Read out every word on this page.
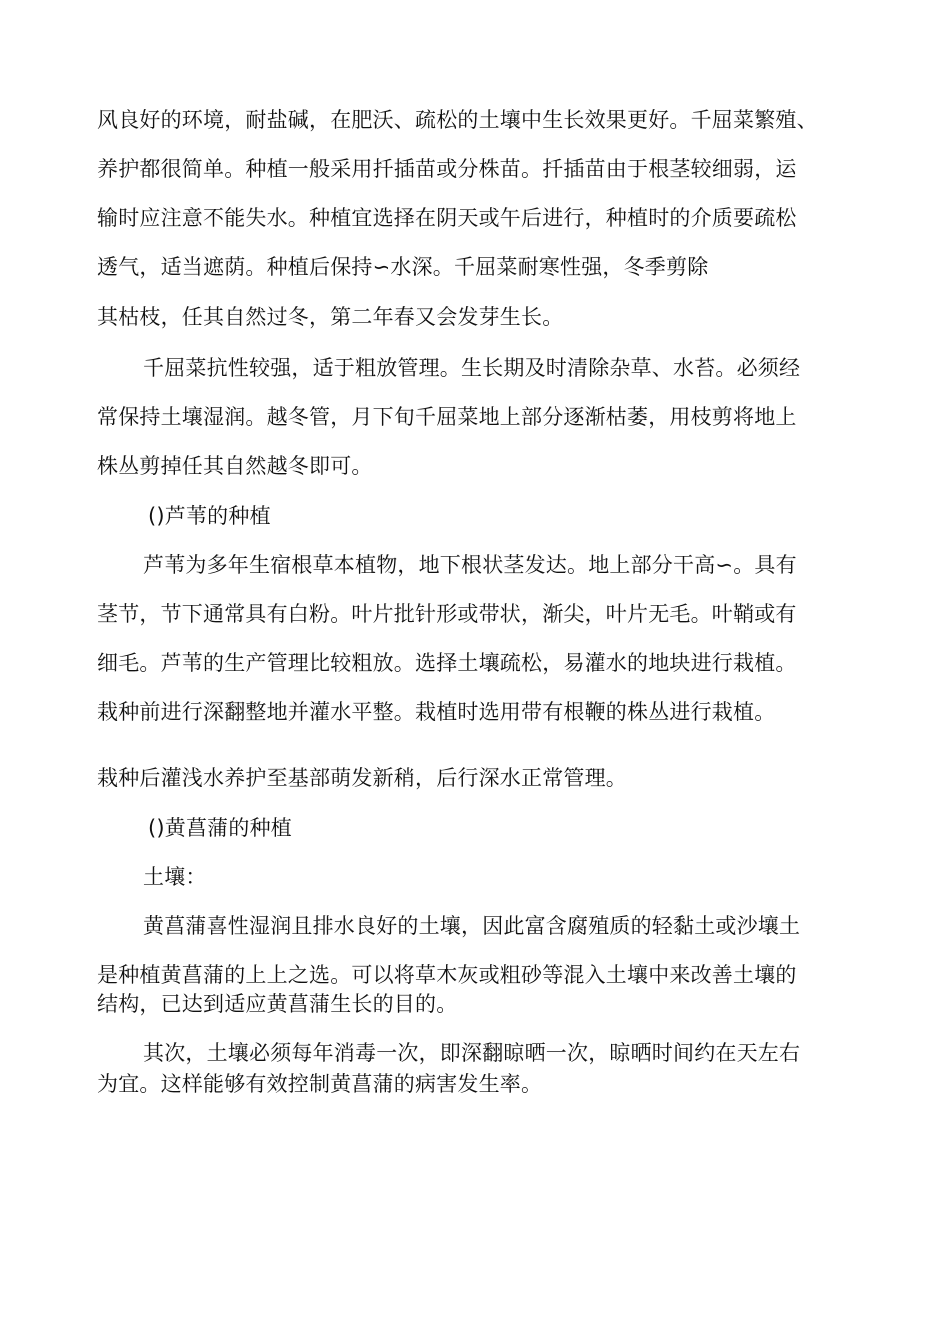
风良好的环境，耐盐碱，在肥沃、疏松的土壤中生长效果更好。千屈菜繁殖、
养护都很简单。种植一般采用扦插苗或分株苗。扦插苗由于根茎较细弱，运
输时应注意不能失水。种植宜选择在阴天或午后进行，种植时的介质要疏松
透气，适当遮荫。种植后保持∽水深。千屈菜耐寒性强，冬季剪除
其枯枝，任其自然过冬，第二年春又会发芽生长。
千屈菜抗性较强，适于粗放管理。生长期及时清除杂草、水苔。必须经
常保持土壤湿润。越冬管，月下旬千屈菜地上部分逐渐枯萎，用枝剪将地上
株丛剪掉任其自然越冬即可。
()芦苇的种植
芦苇为多年生宿根草本植物，地下根状茎发达。地上部分干高∽。具有
茎节，节下通常具有白粉。叶片批针形或带状，渐尖，叶片无毛。叶鞘或有
细毛。芦苇的生产管理比较粗放。选择土壤疏松，易灌水的地块进行栽植。
栽种前进行深翻整地并灌水平整。栽植时选用带有根鞭的株丛进行栽植。
栽种后灌浅水养护至基部萌发新稍，后行深水正常管理。
()黄菖蒲的种植
土壤：
黄菖蒲喜性湿润且排水良好的土壤，因此富含腐殖质的轻黏土或沙壤土
是种植黄菖蒲的上上之选。可以将草木灰或粗砂等混入土壤中来改善土壤的
结构，已达到适应黄菖蒲生长的目的。
其次，土壤必须每年消毒一次，即深翻晾晒一次，晾晒时间约在天左右
为宜。这样能够有效控制黄菖蒲的病害发生率。
